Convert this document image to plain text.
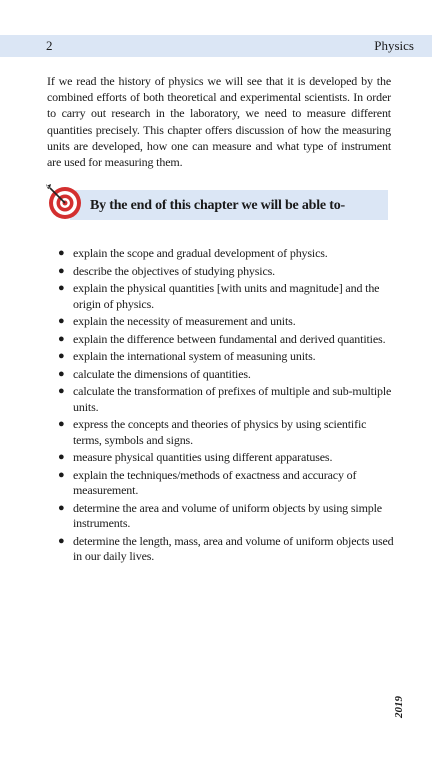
2	Physics

If we read the history of physics we will see that it is developed by the combined efforts of both theoretical and experimental scientists. In order to carry out research in the laboratory, we need to measure different quantities precisely. This chapter offers discussion of how the measuring units are developed, how one can measure and what type of instrument are used for measuring them.

By the end of this chapter we will be able to-
● explain the scope and gradual development of physics.
● describe the objectives of studying physics.
● explain the physical quantities [with units and magnitude] and the origin of physics.
● explain the necessity of measurement and units.
● explain the difference between fundamental and derived quantities.
● explain the international system of measuning units.
● calculate the dimensions of quantities.
● calculate the transformation of prefixes of multiple and sub-multiple units.
● express the concepts and theories of physics by using scientific terms, symbols and signs.
● measure physical quantities using different apparatuses.
● explain the techniques/methods of exactness and accuracy of measurement.
● determine the area and volume of uniform objects by using simple instruments.
● determine the length, mass, area and volume of uniform objects used in our daily lives.
2019
